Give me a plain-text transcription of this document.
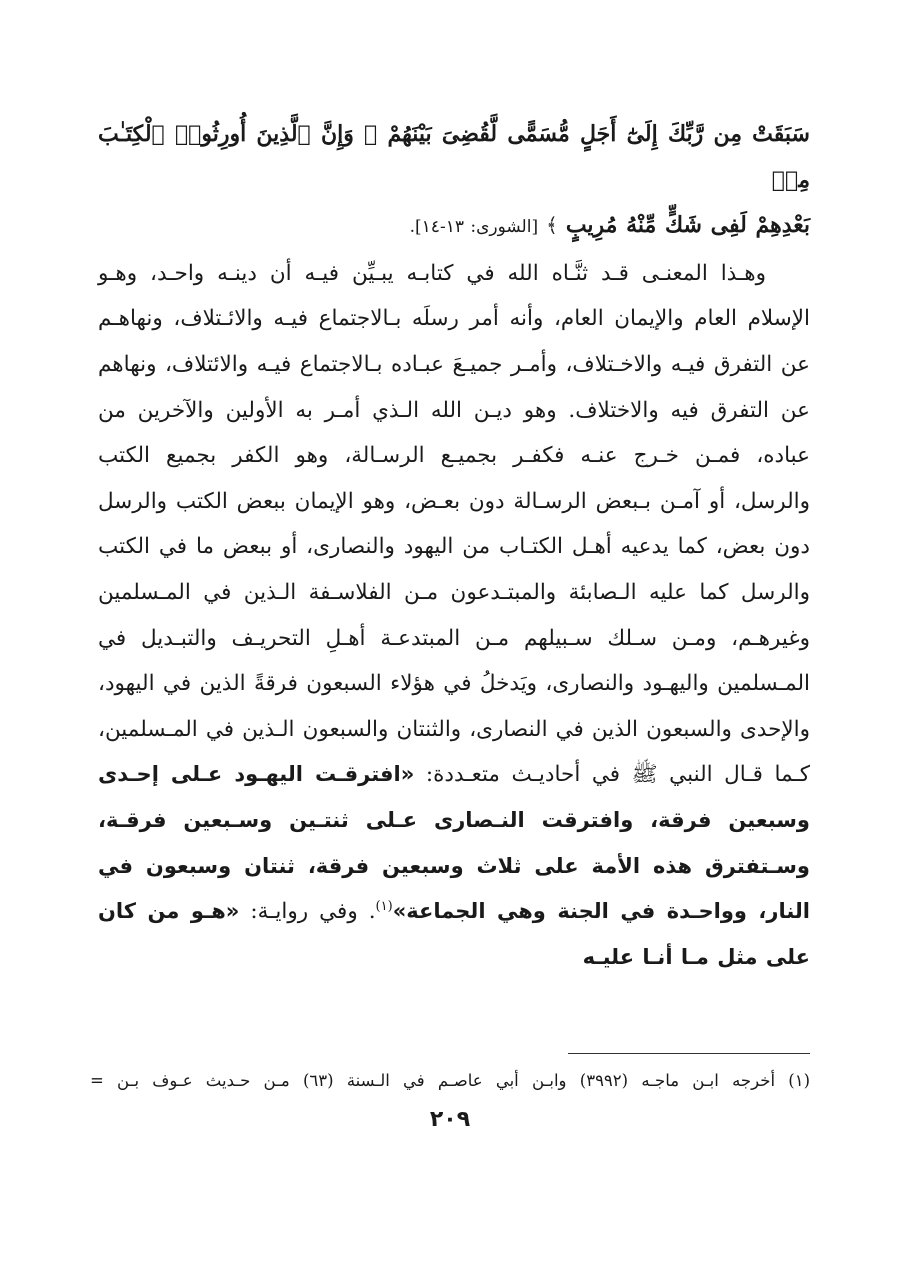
سَبَقَتْ مِن رَّبِّكَ إِلَىٰٓ أَجَلٍ مُّسَمًّى لَّقُضِىَ بَيْنَهُمْ ۚ وَإِنَّ ٱلَّذِينَ أُورِثُوا۟ ٱلْكِتَـٰبَ مِنۢ
بَعْدِهِمْ لَفِى شَكٍّ مِّنْهُ مُرِيبٍ ﴾ [الشورى: ١٣-١٤].

وهـذا المعنـى قـد ثنَّـاه الله في كتابـه يبـيِّن فيـه أن دينـه واحـد، وهـو الإسلام العام والإيمان العام، وأنه أمر رسلَه بـالاجتماع فيـه والائـتلاف، ونهاهـم عن التفرق فيـه والاخـتلاف، وأمـر جميـعَ عبـاده بـالاجتماع فيـه والائتلاف، ونهاهم عن التفرق فيه والاختلاف. وهو ديـن الله الـذي أمـر به الأولين والآخرين من عباده، فمـن خـرج عنـه فكفـر بجميـع الرسـالة، وهو الكفر بجميع الكتب والرسل، أو آمـن بـبعض الرسـالة دون بعـض، وهو الإيمان ببعض الكتب والرسل دون بعض، كما يدعيه أهـل الكتـاب من اليهود والنصارى، أو ببعض ما في الكتب والرسل كما عليه الـصابئة والمبتـدعون مـن الفلاسـفة الـذين في المـسلمين وغيرهـم، ومـن سـلك سـبيلهم مـن المبتدعـة أهـلِ التحريـف والتبـديل في المـسلمين واليهـود والنصارى، ويَدخلُ في هؤلاء السبعون فرقةً الذين في اليهود، والإحدى والسبعون الذين في النصارى، والثنتان والسبعون الـذين في المـسلمين، كـما قـال النبي ﷺ في أحاديـث متعـددة: «افترقـت اليهـود عـلى إحـدى وسبعين فرقة، وافترقت النـصارى عـلى ثنتـين وسـبعين فرقـة، وسـتفترق هذه الأمة على ثلاث وسبعين فرقة، ثنتان وسبعون في النار، وواحـدة في الجنة وهي الجماعة»$^{(١)}$. وفي روايـة: «هـو من كان على مثل مـا أنـا عليـه

(١) أخرجه ابـن ماجـه (٣٩٩٢) وابـن أبي عاصـم في الـسنة (٦٣) مـن حـديث عـوف بـن =
٢٠٩
